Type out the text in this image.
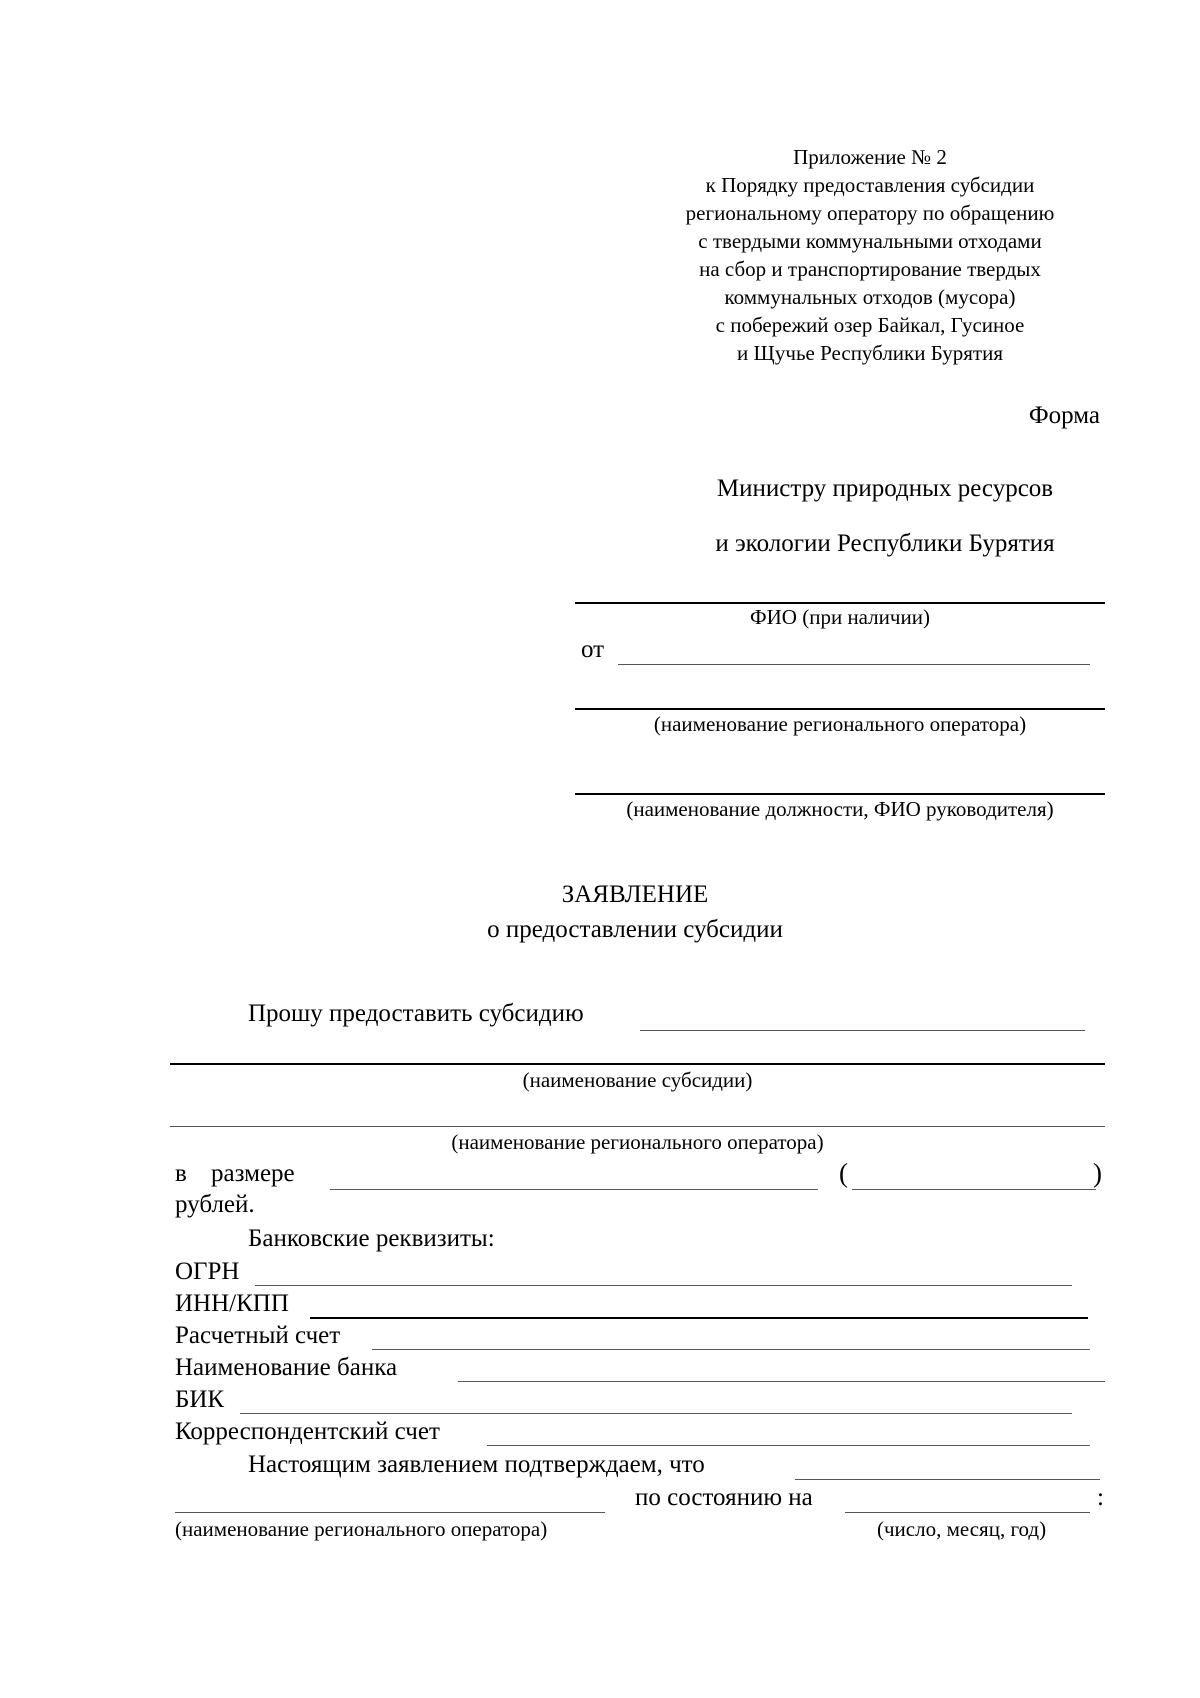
Приложение № 2
к Порядку предоставления субсидии
региональному оператору по обращению
с твердыми коммунальными отходами
на сбор и транспортирование твердых
коммунальных отходов (мусора)
с побережий озер Байкал, Гусиное
и Щучье Республики Бурятия
Форма
Министру природных ресурсов
и экологии Республики Бурятия
ФИО (при наличии)
от
(наименование регионального оператора)
(наименование должности, ФИО руководителя)
ЗАЯВЛЕНИЕ
о предоставлении субсидии
Прошу предоставить субсидию
(наименование субсидии)
(наименование регионального оператора)
в размере	(	)
рублей.
Банковские реквизиты:
ОГРН
ИНН/КПП
Расчетный счет
Наименование банка
БИК
Корреспондентский счет
Настоящим заявлением подтверждаем, что
по состоянию на	:
(наименование регионального оператора)	(число, месяц, год)
